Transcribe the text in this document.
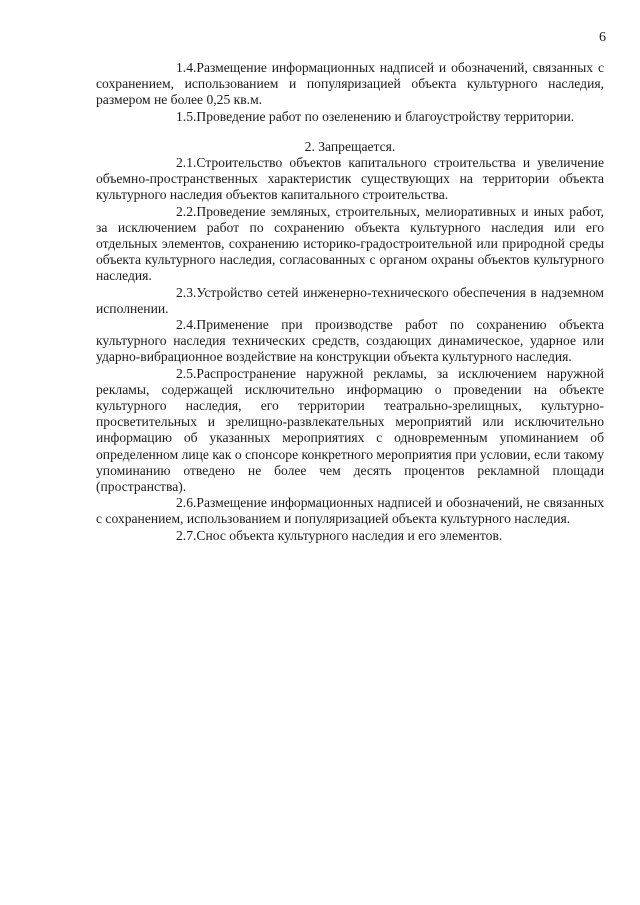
6

1.4.Размещение информационных надписей и обозначений, связанных с сохранением, использованием и популяризацией объекта культурного наследия, размером не более 0,25 кв.м.

1.5.Проведение работ по озеленению и благоустройству территории.

2. Запрещается.

2.1.Строительство объектов капитального строительства и увеличение объемно-пространственных характеристик существующих на территории объекта культурного наследия объектов капитального строительства.

2.2.Проведение земляных, строительных, мелиоративных и иных работ, за исключением работ по сохранению объекта культурного наследия или его отдельных элементов, сохранению историко-градостроительной или природной среды объекта культурного наследия, согласованных с органом охраны объектов культурного наследия.

2.3.Устройство сетей инженерно-технического обеспечения в надземном исполнении.

2.4.Применение при производстве работ по сохранению объекта культурного наследия технических средств, создающих динамическое, ударное или ударно-вибрационное воздействие на конструкции объекта культурного наследия.

2.5.Распространение наружной рекламы, за исключением наружной рекламы, содержащей исключительно информацию о проведении на объекте культурного наследия, его территории театрально-зрелищных, культурно-просветительных и зрелищно-развлекательных мероприятий или исключительно информацию об указанных мероприятиях с одновременным упоминанием об определенном лице как о спонсоре конкретного мероприятия при условии, если такому упоминанию отведено не более чем десять процентов рекламной площади (пространства).

2.6.Размещение информационных надписей и обозначений, не связанных с сохранением, использованием и популяризацией объекта культурного наследия.

2.7.Снос объекта культурного наследия и его элементов.
